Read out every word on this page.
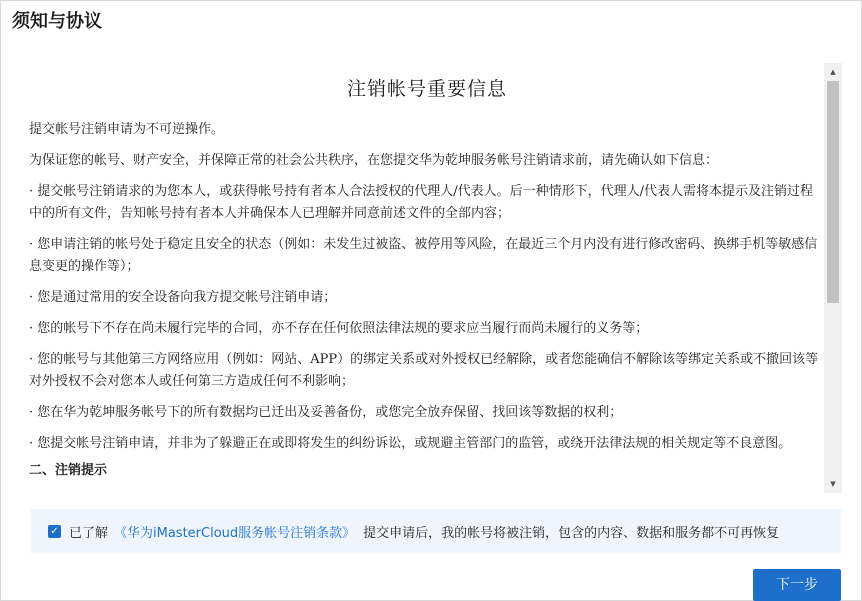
须知与协议
注销帐号重要信息
提交帐号注销申请为不可逆操作。
为保证您的帐号、财产安全，并保障正常的社会公共秩序，在您提交华为乾坤服务帐号注销请求前，请先确认如下信息：
· 提交帐号注销请求的为您本人，或获得帐号持有者本人合法授权的代理人/代表人。后一种情形下，代理人/代表人需将本提示及注销过程中的所有文件，告知帐号持有者本人并确保本人已理解并同意前述文件的全部内容；
· 您申请注销的帐号处于稳定且安全的状态（例如：未发生过被盗、被停用等风险，在最近三个月内没有进行修改密码、换绑手机等敏感信息变更的操作等）；
· 您是通过常用的安全设备向我方提交帐号注销申请；
· 您的帐号下不存在尚未履行完毕的合同，亦不存在任何依照法律法规的要求应当履行而尚未履行的义务等；
· 您的帐号与其他第三方网络应用（例如：网站、APP）的绑定关系或对外授权已经解除，或者您能确信不解除该等绑定关系或不撤回该等对外授权不会对您本人或任何第三方造成任何不利影响；
· 您在华为乾坤服务帐号下的所有数据均已迁出及妥善备份，或您完全放弃保留、找回该等数据的权利；
· 您提交帐号注销申请，并非为了躲避正在或即将发生的纠纷诉讼，或规避主管部门的监管，或绕开法律法规的相关规定等不良意图。
二、注销提示
▲
▼
✓ 已了解 《华为iMasterCloud服务帐号注销条款》 提交申请后，我的帐号将被注销，包含的内容、数据和服务都不可再恢复
下一步
